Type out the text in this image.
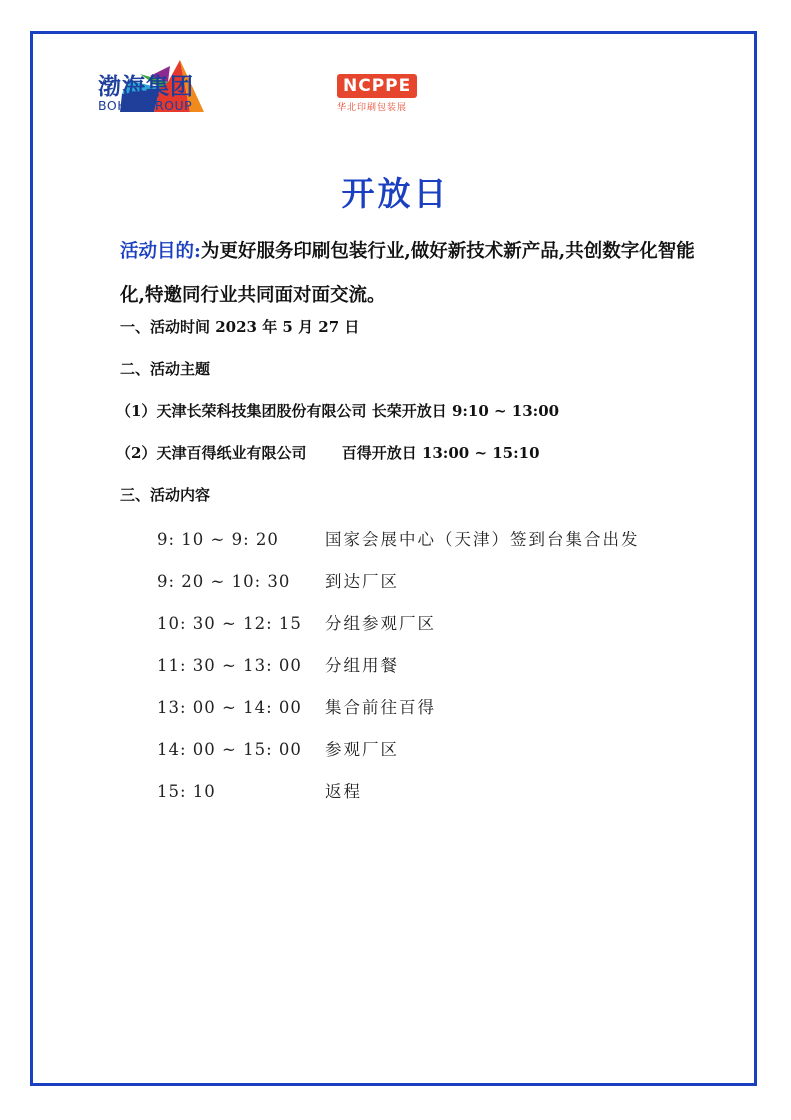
渤海集团
BOHAI GROUP
NCPPE
华北印刷包装展
开放日
活动目的:为更好服务印刷包装行业,做好新技术新产品,共创数字化智能化,特邀同行业共同面对面交流。
一、活动时间 2023 年 5 月 27 日
二、活动主题
（1）天津长荣科技集团股份有限公司 长荣开放日 9:10 ~ 13:00
（2）天津百得纸业有限公司 百得开放日 13:00 ~ 15:10
三、活动内容
9: 10 ~ 9: 20	国家会展中心（天津）签到台集合出发
9: 20 ~ 10: 30 到达厂区
10: 30 ~ 12: 15 分组参观厂区
11: 30 ~ 13: 00 分组用餐
13: 00 ~ 14: 00 集合前往百得
14: 00 ~ 15: 00 参观厂区
15: 10	返程
